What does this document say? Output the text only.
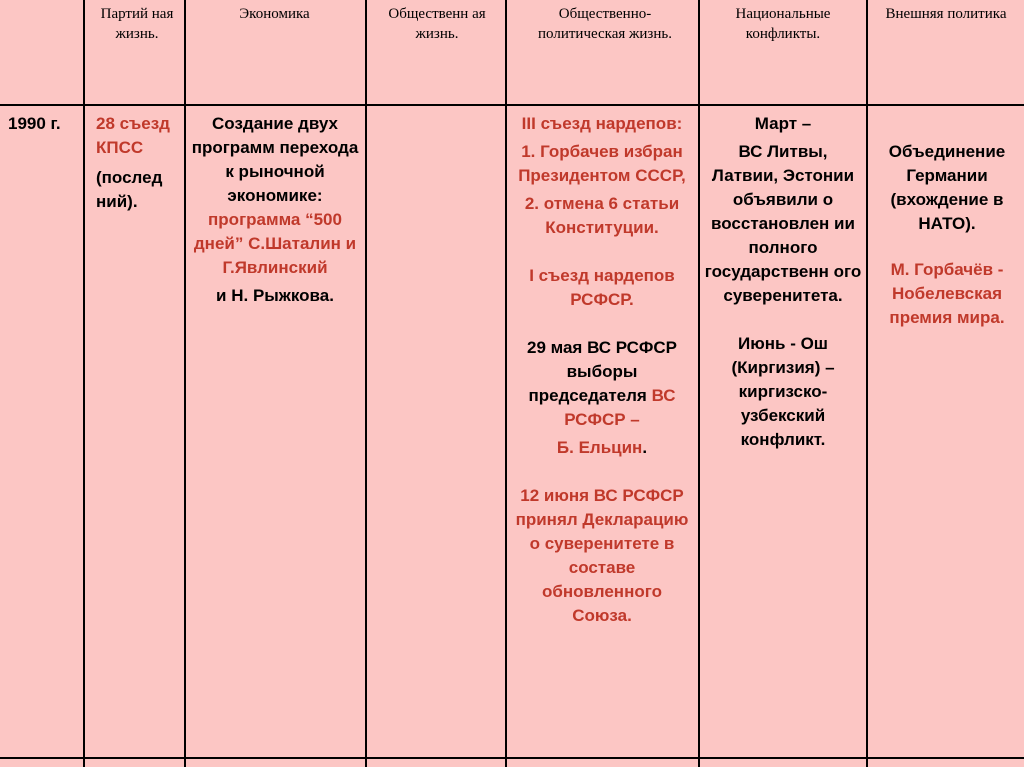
Партий ная жизнь.
Экономика	Общественн ая жизнь.
Общественно-политическая жизнь.
Национальные конфликты.
Внешняя политика
1990 г.	28 съезд КПСС
(послед ний).
Создание двух программ перехода к рыночной экономике:
программа “500 дней” С.Шаталин и Г.Явлинский
и Н. Рыжкова.
III съезд нардепов:
1. Горбачев избран Президентом СССР,
2. отмена 6 статьи Конституции.
I съезд нардепов РСФСР.
29 мая ВС РСФСР выборы председателя ВС РСФСР –
Б. Ельцин.
12 июня ВС РСФСР принял Декларацию о суверенитете в составе обновленного Союза.
Март –
ВС Литвы, Латвии, Эстонии объявили о восстановлен ии полного государственн ого суверенитета.
Июнь - Ош (Киргизия) – киргизско-узбекский конфликт.
Объединение Германии (вхождение в НАТО).
М. Горбачёв - Нобелевская премия мира.
